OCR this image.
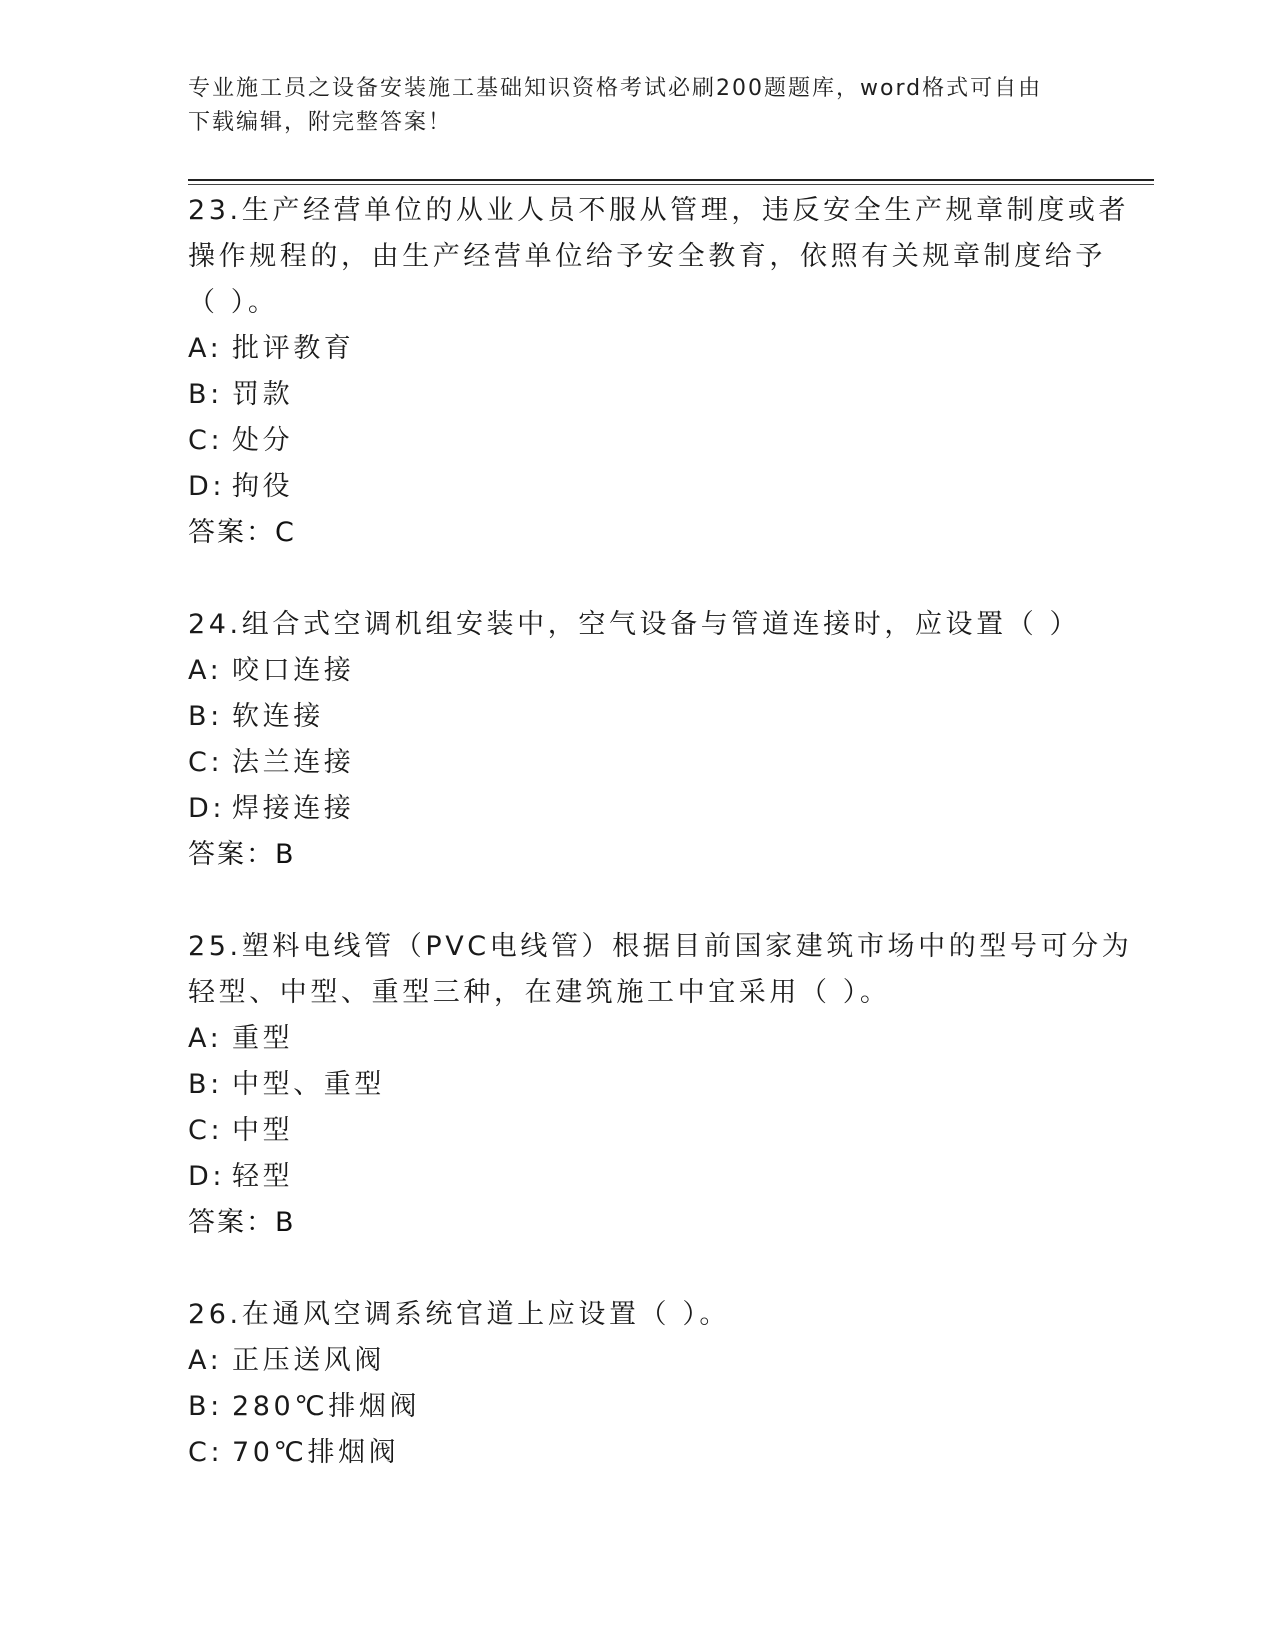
专业施工员之设备安装施工基础知识资格考试必刷200题题库，word格式可自由
下载编辑，附完整答案！
23.生产经营单位的从业人员不服从管理，违反安全生产规章制度或者
操作规程的，由生产经营单位给予安全教育，依照有关规章制度给予
（ ）。
A: 批评教育
B: 罚款
C: 处分
D: 拘役
答案：C
24.组合式空调机组安装中，空气设备与管道连接时，应设置（ ）
A: 咬口连接
B: 软连接
C: 法兰连接
D: 焊接连接
答案：B
25.塑料电线管（PVC电线管）根据目前国家建筑市场中的型号可分为
轻型、中型、重型三种，在建筑施工中宜采用（ ）。
A: 重型
B: 中型、重型
C: 中型
D: 轻型
答案：B
26.在通风空调系统官道上应设置（ ）。
A: 正压送风阀
B: 280℃排烟阀
C: 70℃排烟阀
